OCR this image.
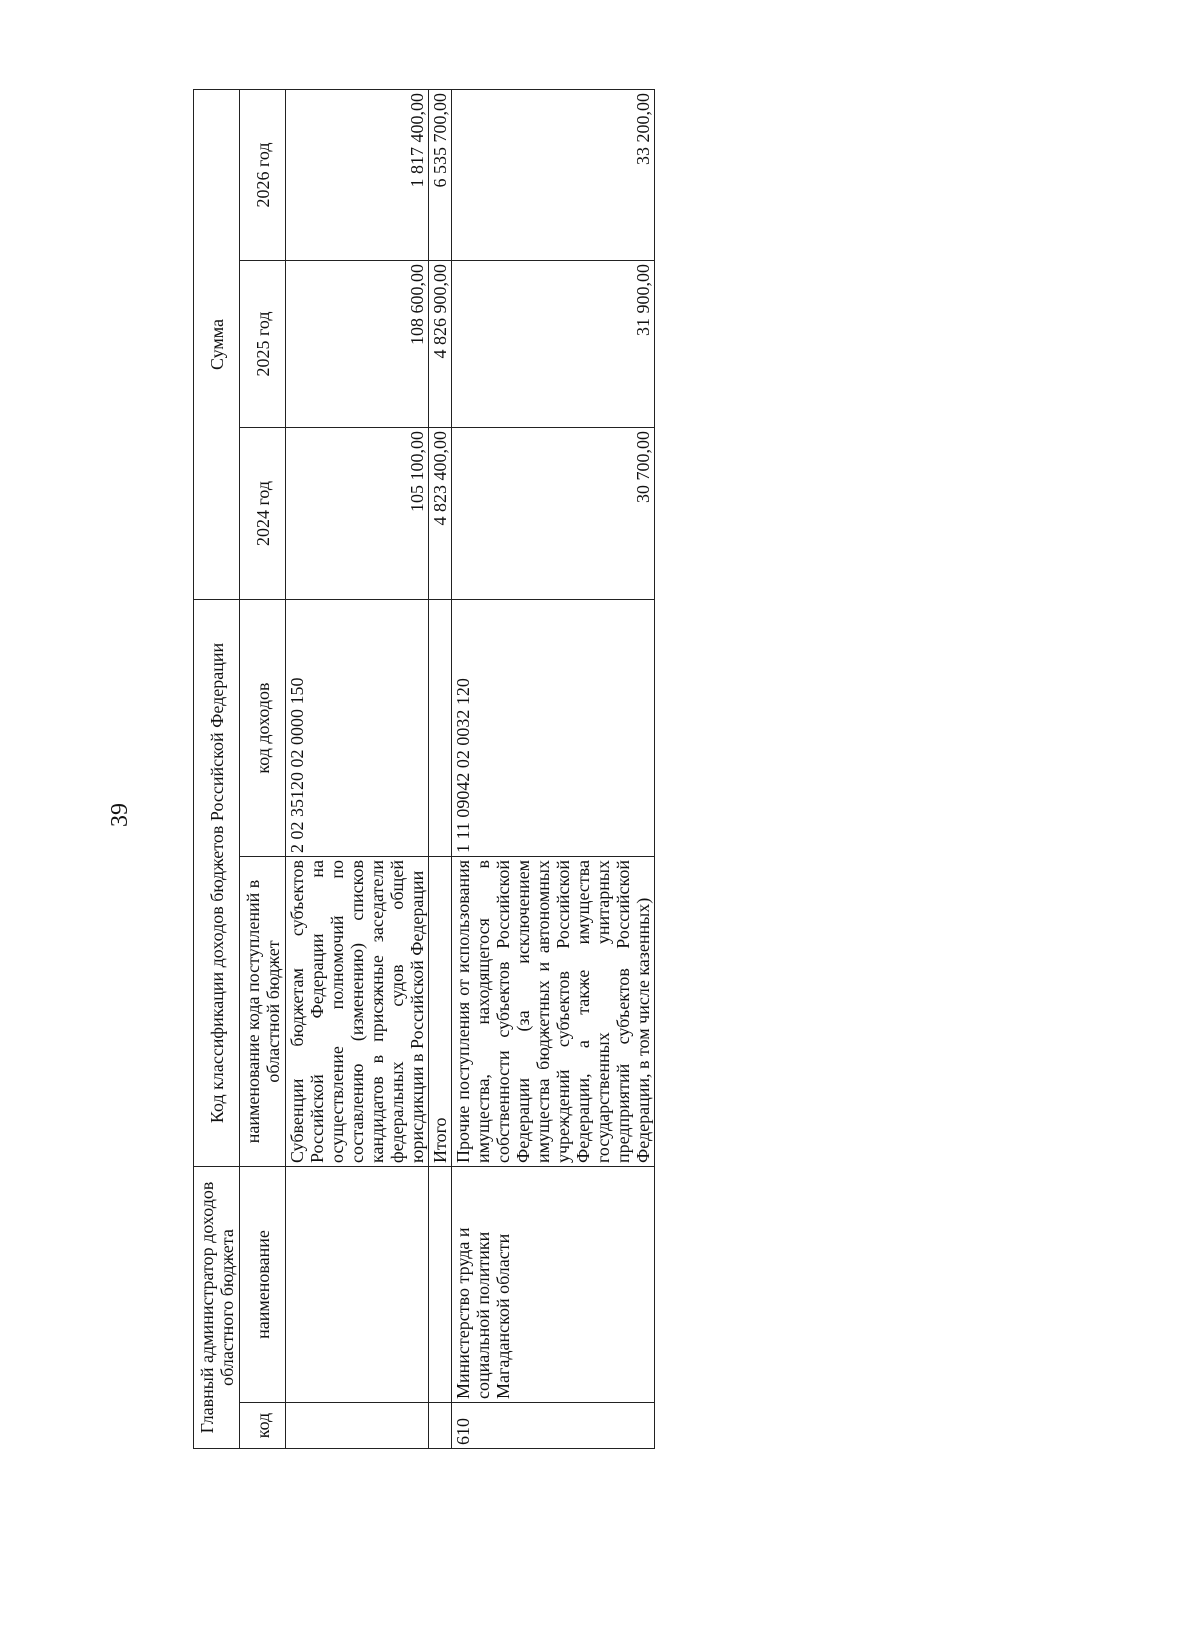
39
Главный администратор доходов областного бюджета		Код классификации доходов бюджетов Российской Федерации		Сумма		
код	наименование	наименование кода поступлений в областной бюджет	код доходов	2024 год	2025 год	2026 год
		Субвенции бюджетам субъектов Российской Федерации на осуществление полномочий по составлению (изменению) списков кандидатов в присяжные заседатели федеральных судов общей юрисдикции в Российской Федерации	2 02 35120 02 0000 150	105 100,00	108 600,00	1 817 400,00
		Итого		4 823 400,00	4 826 900,00	6 535 700,00
610	Министерство труда и социальной политики Магаданской области	Прочие поступления от использования имущества, находящегося в собственности субъектов Российской Федерации (за исключением имущества бюджетных и автономных учреждений субъектов Российской Федерации, а также имущества государственных унитарных предприятий субъектов Российской Федерации, в том числе казенных)	1 11 09042 02 0032 120	30 700,00	31 900,00	33 200,00
